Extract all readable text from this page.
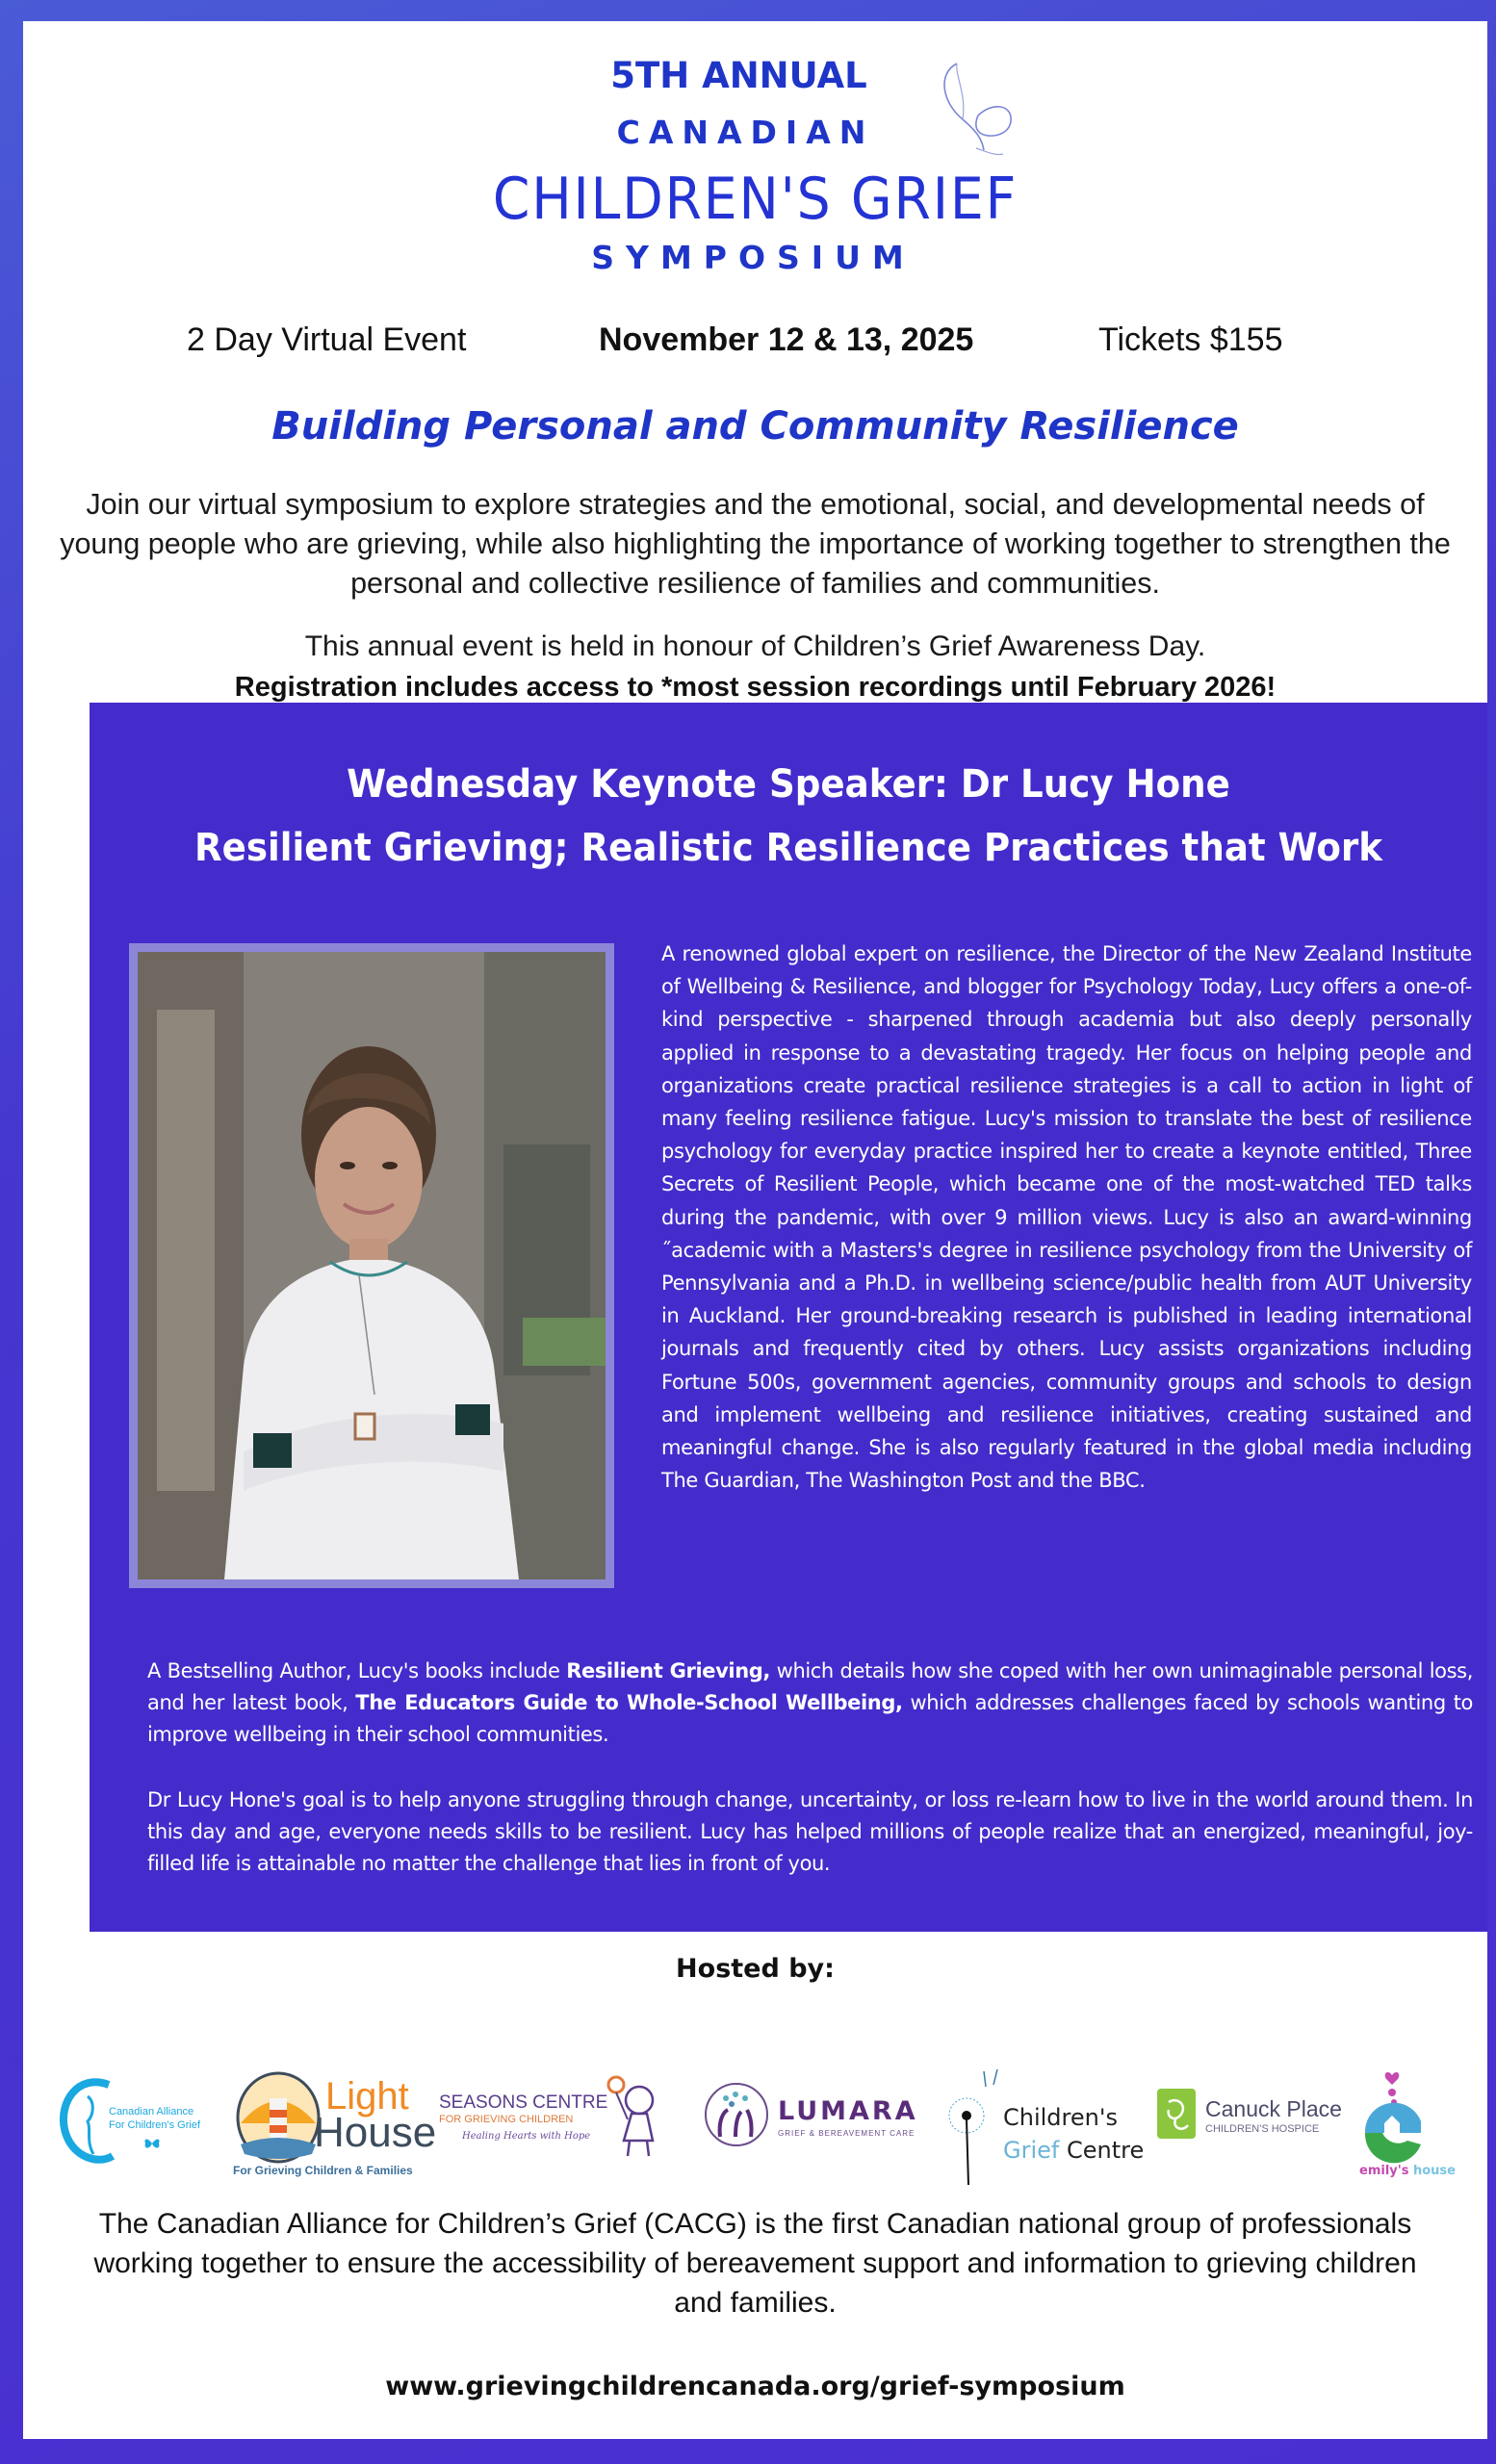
5TH ANNUAL
CANADIAN
CHILDREN'S GRIEF
SYMPOSIUM
2 Day Virtual Event	November 12 & 13, 2025	Tickets $155
Building Personal and Community Resilience
Join our virtual symposium to explore strategies and the emotional, social, and developmental needs of young people who are grieving, while also highlighting the importance of working together to strengthen the personal and collective resilience of families and communities.
This annual event is held in honour of Children’s Grief Awareness Day.
Registration includes access to *most session recordings until February 2026!
Wednesday Keynote Speaker: Dr Lucy Hone
Resilient Grieving; Realistic Resilience Practices that Work
A renowned global expert on resilience, the Director of the New Zealand Institute of Wellbeing & Resilience, and blogger for Psychology Today, Lucy offers a one-of-kind perspective - sharpened through academia but also deeply personally applied in response to a devastating tragedy. Her focus on helping people and organizations create practical resilience strategies is a call to action in light of many feeling resilience fatigue. Lucy's mission to translate the best of resilience psychology for everyday practice inspired her to create a keynote entitled, Three Secrets of Resilient People, which became one of the most-watched TED talks during the pandemic, with over 9 million views. Lucy is also an award-winning ˝academic with a Masters's degree in resilience psychology from the University of Pennsylvania and a Ph.D. in wellbeing science/public health from AUT University in Auckland. Her ground-breaking research is published in leading international journals and frequently cited by others. Lucy assists organizations including Fortune 500s, government agencies, community groups and schools to design and implement wellbeing and resilience initiatives, creating sustained and meaningful change. She is also regularly featured in the global media including The Guardian, The Washington Post and the BBC.
A Bestselling Author, Lucy's books include Resilient Grieving, which details how she coped with her own unimaginable personal loss, and her latest book, The Educators Guide to Whole-School Wellbeing, which addresses challenges faced by schools wanting to improve wellbeing in their school communities.
Dr Lucy Hone's goal is to help anyone struggling through change, uncertainty, or loss re-learn how to live in the world around them. In this day and age, everyone needs skills to be resilient. Lucy has helped millions of people realize that an energized, meaningful, joy-filled life is attainable no matter the challenge that lies in front of you.
Hosted by:
Canadian Alliance
For Children's Grief
Light
House
For Grieving Children & Families
SEASONS CENTRE
FOR GRIEVING CHILDREN
Healing Hearts with Hope
LUMARA
GRIEF & BEREAVEMENT CARE
Children's
Grief Centre
Canuck Place
CHILDREN'S HOSPICE
emily's house
The Canadian Alliance for Children’s Grief (CACG) is the first Canadian national group of professionals working together to ensure the accessibility of bereavement support and information to grieving children and families.
www.grievingchildrencanada.org/grief-symposium
